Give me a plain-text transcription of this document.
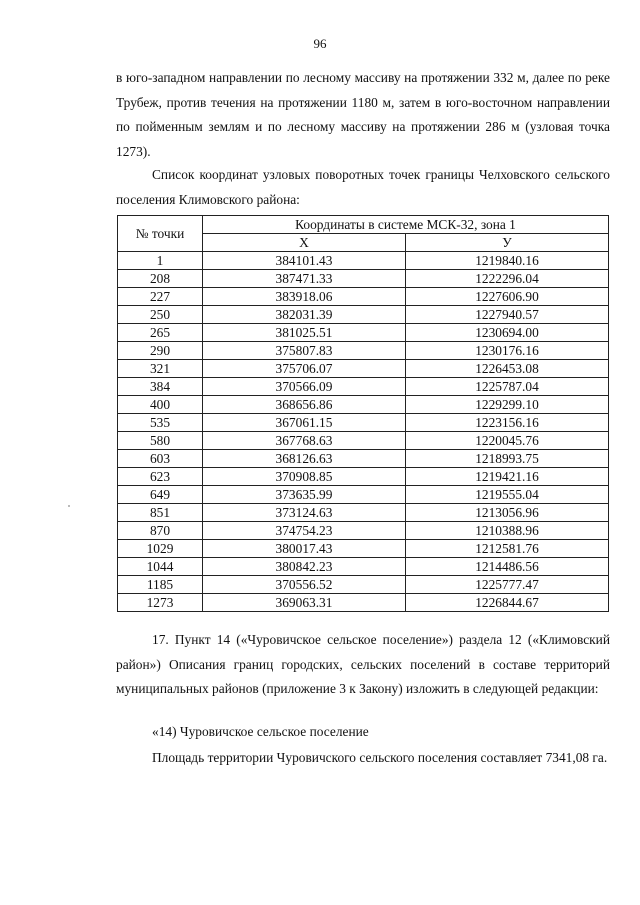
96
в юго-западном направлении по лесному массиву на протяжении 332 м, далее по реке Трубеж, против течения на протяжении 1180 м, затем в юго-восточном направлении по пойменным землям и по лесному массиву на протяжении 286 м (узловая точка 1273).
Список координат узловых поворотных точек границы Челховского сельского поселения Климовского района:
№ точки	Координаты в системе МСК-32, зона 1	
	Х	У
1	384101.43	1219840.16
208	387471.33	1222296.04
227	383918.06	1227606.90
250	382031.39	1227940.57
265	381025.51	1230694.00
290	375807.83	1230176.16
321	375706.07	1226453.08
384	370566.09	1225787.04
400	368656.86	1229299.10
535	367061.15	1223156.16
580	367768.63	1220045.76
603	368126.63	1218993.75
623	370908.85	1219421.16
649	373635.99	1219555.04
851	373124.63	1213056.96
870	374754.23	1210388.96
1029	380017.43	1212581.76
1044	380842.23	1214486.56
1185	370556.52	1225777.47
1273	369063.31	1226844.67
17. Пункт 14 («Чуровичское сельское поселение») раздела 12 («Климовский район») Описания границ городских, сельских поселений в составе территорий муниципальных районов (приложение 3 к Закону) изложить в следующей редакции:
«14) Чуровичское сельское поселение
Площадь территории Чуровичского сельского поселения составляет 7341,08 га.
